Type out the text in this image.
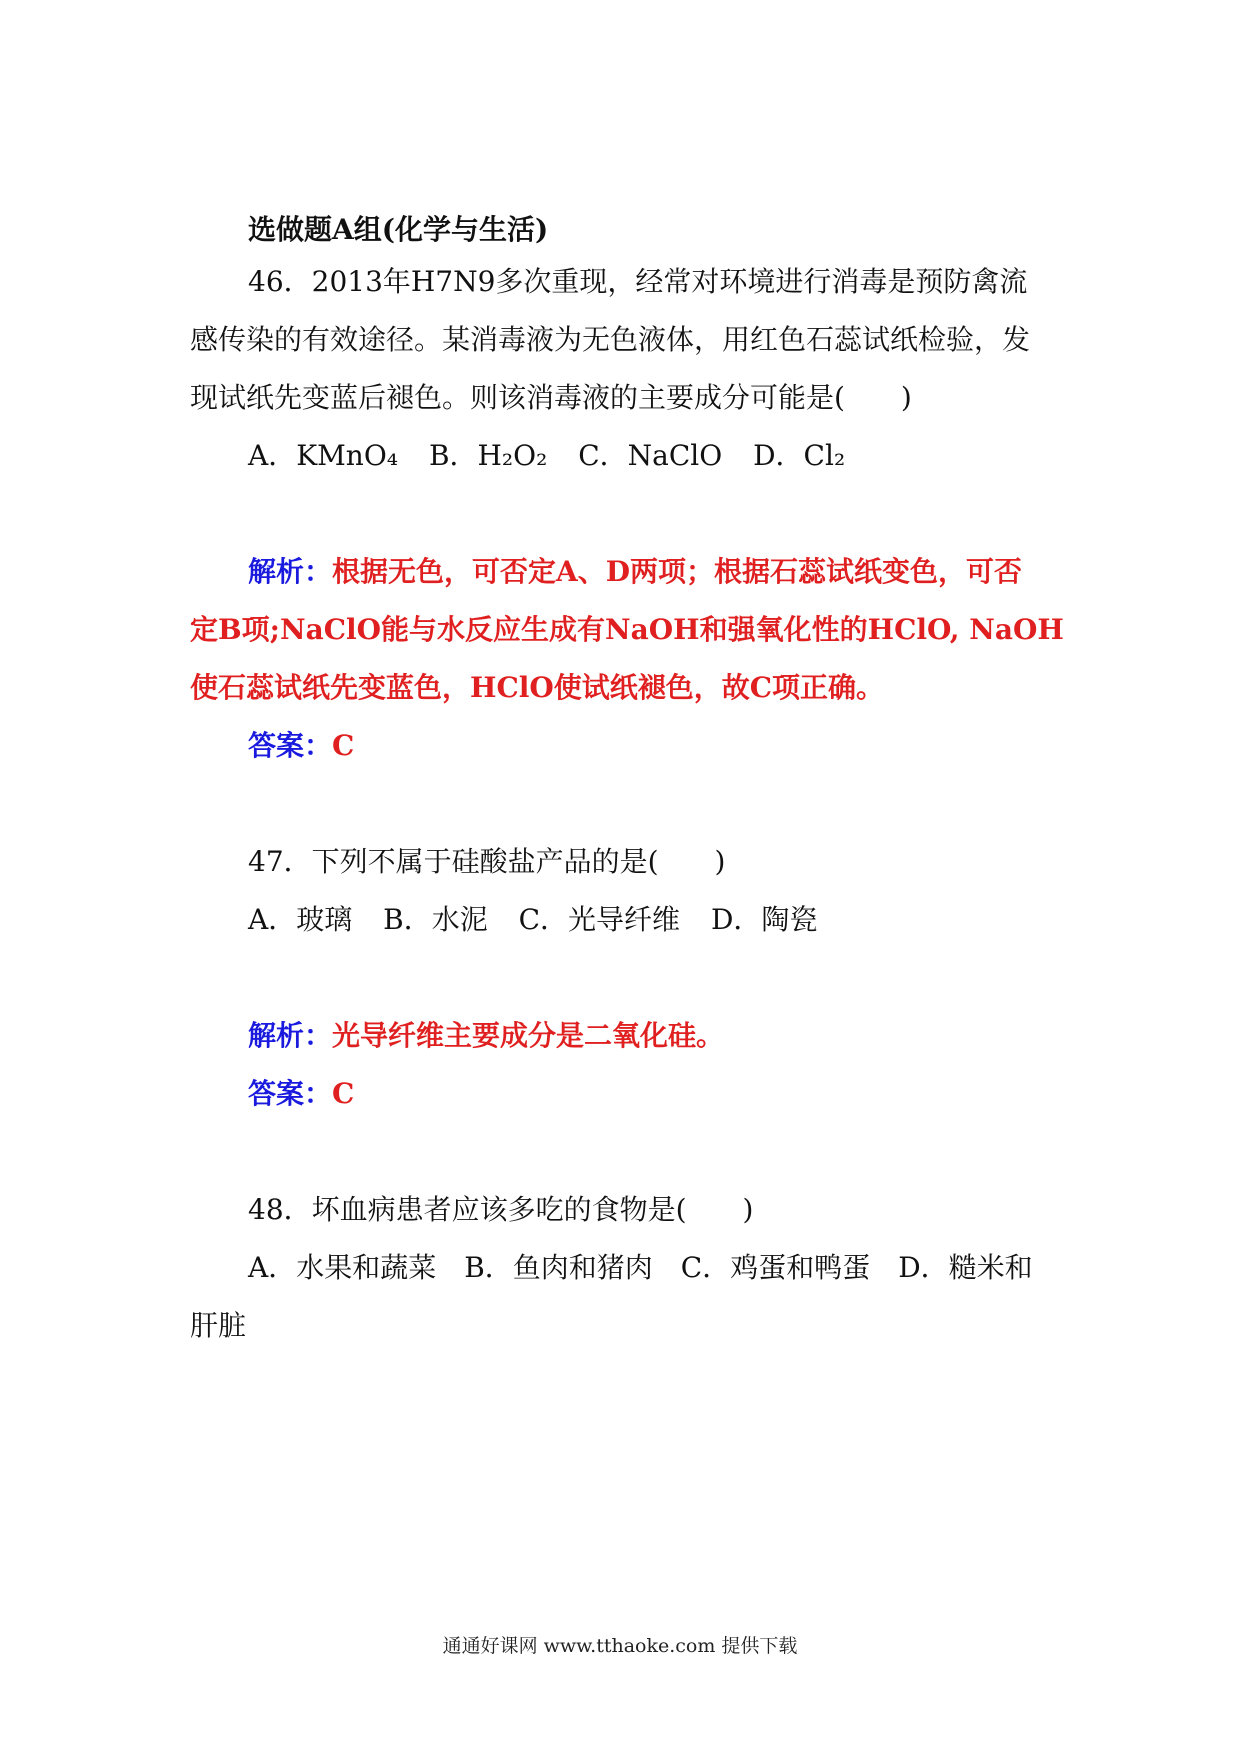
选做题A组(化学与生活)
46．2013年H7N9多次重现，经常对环境进行消毒是预防禽流
感传染的有效途径。某消毒液为无色液体，用红色石蕊试纸检验，发
现试纸先变蓝后褪色。则该消毒液的主要成分可能是(　　)
A．KMnO₄ B．H₂O₂ C．NaClO D．Cl₂
解析：根据无色，可否定A、D两项；根据石蕊试纸变色，可否
定B项;NaClO能与水反应生成有NaOH和强氧化性的HClO, NaOH
使石蕊试纸先变蓝色，HClO使试纸褪色，故C项正确。
答案：C
47．下列不属于硅酸盐产品的是(　　)
A．玻璃 B．水泥 C．光导纤维 D．陶瓷
解析：光导纤维主要成分是二氧化硅。
答案：C
48．坏血病患者应该多吃的食物是(　　)
A．水果和蔬菜　B．鱼肉和猪肉　C．鸡蛋和鸭蛋　D．糙米和
肝脏
通通好课网 www.tthaoke.com 提供下载
